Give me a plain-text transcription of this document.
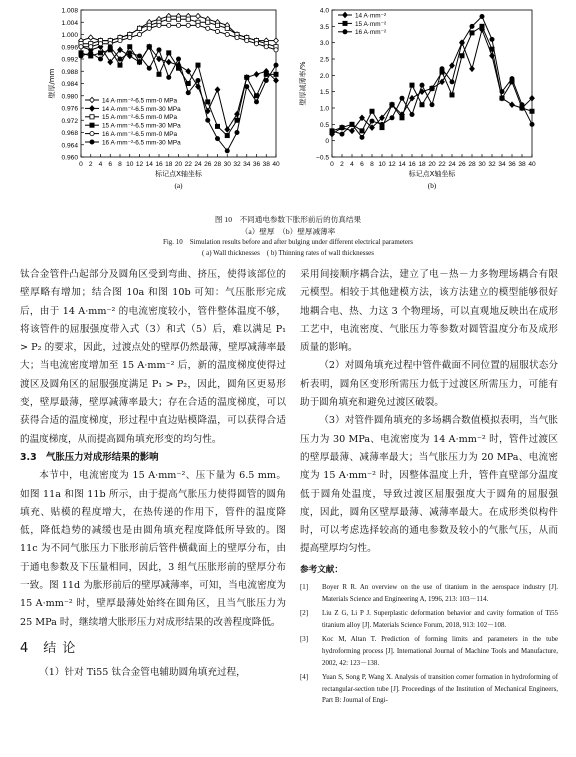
1.008
1.004
1.000
0.996
0.992
0.988
0.984
0.980
0.976
0.972
0.968
0.964
0.960
0 2 4 6 8 10 12 14 16 18 20 22 24 26 28 30 32 34 36 38 40
标记点X轴坐标
壁厚/mm
(a)
14 A·mm⁻²-6.5 mm-0 MPa
14 A·mm⁻²-6.5 mm-30 MPa
15 A·mm⁻²-6.5 mm-0 MPa
15 A·mm⁻²-6.5 mm-30 MPa
16 A·mm⁻²-6.5 mm-0 MPa
16 A·mm⁻²-6.5 mm-30 MPa
4.0
3.5
3.0
2.5
2.0
1.5
1.0
0.5
0
−0.5
0 2 4 6 8 10 12 14 16 18 20 22 24 26 28 30 32 34 36 38 40
标记点X轴坐标
壁厚减薄率/%
(b)
14 A·mm⁻²
15 A·mm⁻²
16 A·mm⁻²
图 10　不同通电参数下胀形前后的仿真结果
（a）壁厚　（b）壁厚减薄率
Fig. 10　Simulation results before and after bulging under different electrical parameters
( a) Wall thicknesses　( b) Thinning rates of wall thicknesses

钛合金管件凸起部分及圆角区受到弯曲、挤压，使得该部位的壁厚略有增加；结合图 10a 和图 10b 可知：气压胀形完成后，由于 14 A·mm⁻² 的电流密度较小，管件整体温度不够，将该管件的屈服强度带入式（3）和式（5）后，难以满足 P₁ > P₂ 的要求，因此，过渡点处的壁厚仍然最薄，壁厚减薄率最大；当电流密度增加至 15 A·mm⁻² 后，新的温度梯度使得过渡区及圆角区的屈服强度满足 P₁ > P₂，因此，圆角区更易形变，壁厚最薄，壁厚减薄率最大；存在合适的温度梯度，可以获得合适的温度梯度，形过程中直边贴模降温，可以获得合适的温度梯度，从而提高圆角填充形变的均匀性。

3.3　气胀压力对成形结果的影响

本节中，电流密度为 15 A·mm⁻²、压下量为 6.5 mm。如图 11a 和图 11b 所示，由于提高气胀压力使得圆管的圆角填充、贴模的程度增大，在热传递的作用下，管件的温度降低，降低趋势的减缓也是由圆角填充程度降低所导致的。图 11c 为不同气胀压力下胀形前后管件横截面上的壁厚分布，由于通电参数及下压量相同，因此，3 组气压胀形前的壁厚分布一致。图 11d 为胀形前后的壁厚减薄率，可知，当电流密度为 15 A·mm⁻² 时，壁厚最薄处始终在圆角区，且当气胀压力为 25 MPa 时，继续增大胀形压力对成形结果的改善程度降低。

4　结 论

（1）针对 Ti55 钛合金管电辅助圆角填充过程，

采用间接顺序耦合法，建立了电－热－力多物理场耦合有限元模型。相较于其他建模方法，该方法建立的模型能够很好地耦合电、热、力这 3 个物理场，可以直观地反映出在成形工艺中，电流密度、气胀压力等参数对圆管温度分布及成形质量的影响。

（2）对圆角填充过程中管件截面不同位置的屈服状态分析表明，圆角区变形所需压力低于过渡区所需压力，可能有助于圆角填充和避免过渡区破裂。

（3）对管件圆角填充的多场耦合数值模拟表明，当气胀压力为 30 MPa、电流密度为 14 A·mm⁻² 时，管件过渡区的壁厚最薄、减薄率最大；当气胀压力为 20 MPa、电流密度为 15 A·mm⁻² 时，因整体温度上升，管件直壁部分温度低于圆角处温度，导致过渡区屈服强度大于圆角的屈服强度，因此，圆角区壁厚最薄、减薄率最大。在成形类似构件时，可以考虑选择较高的通电参数及较小的气胀气压，从而提高壁厚均匀性。

参考文献：
[1]	Boyer R R. An overview on the use of titanium in the aerospace industry [J]. Materials Science and Engineering A, 1996, 213: 103－114.
[2]	Liu Z G, Li P J. Superplastic deformation behavior and cavity formation of Ti55 titanium alloy [J]. Materials Science Forum, 2018, 913: 102－108.
[3]	Koc M, Altan T. Prediction of forming limits and parameters in the tube hydroforming process [J]. International Journal of Machine Tools and Manufacture, 2002, 42: 123－138.
[4]	Yuan S, Song P, Wang X. Analysis of transition corner formation in hydroforming of rectangular-section tube [J]. Proceedings of the Institution of Mechanical Engineers, Part B: Journal of Engi-
